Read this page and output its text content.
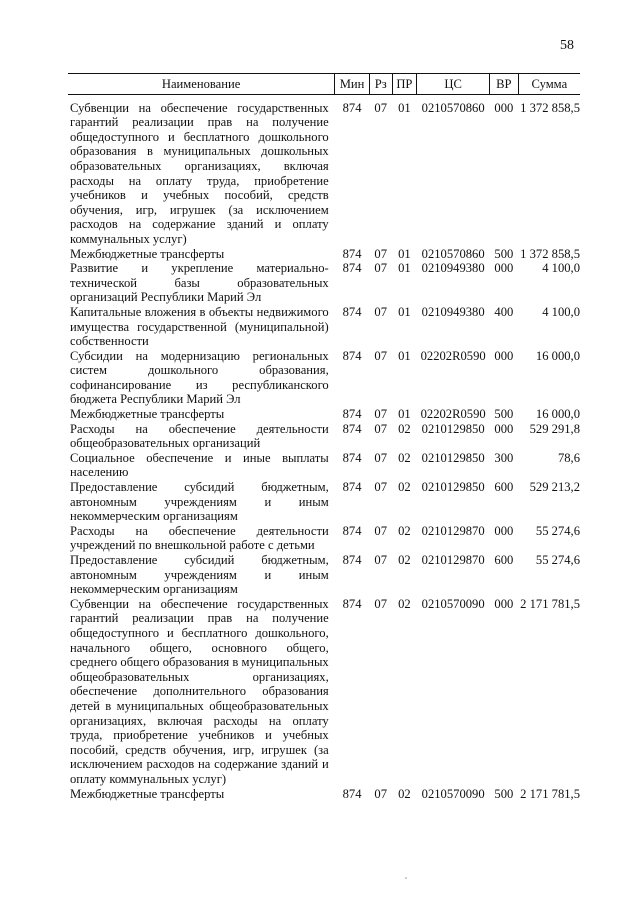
58
Наименование	Мин	Рз	ПР	ЦС	ВР	Сумма
Субвенции на обеспечение государственных гарантий реализации прав на получение общедоступного и бесплатного дошкольного образования в муниципальных дошкольных образовательных организациях, включая расходы на оплату труда, приобретение учебников и учебных пособий, средств обучения, игр, игрушек (за исключением расходов на содержание зданий и оплату коммунальных услуг)	874	07	01	0210570860	000	1 372 858,5
Межбюджетные трансферты	874	07	01	0210570860	500	1 372 858,5
Развитие и укрепление материально-технической базы образовательных организаций Республики Марий Эл	874	07	01	0210949380	000	4 100,0
Капитальные вложения в объекты недвижимого имущества государственной (муниципальной) собственности	874	07	01	0210949380	400	4 100,0
Субсидии на модернизацию региональных систем дошкольного образования, софинансирование из республиканского бюджета Республики Марий Эл	874	07	01	02202R0590	000	16 000,0
Межбюджетные трансферты	874	07	01	02202R0590	500	16 000,0
Расходы на обеспечение деятельности общеобразовательных организаций	874	07	02	0210129850	000	529 291,8
Социальное обеспечение и иные выплаты населению	874	07	02	0210129850	300	78,6
Предоставление субсидий бюджетным, автономным учреждениям и иным некоммерческим организациям	874	07	02	0210129850	600	529 213,2
Расходы на обеспечение деятельности учреждений по внешкольной работе с детьми	874	07	02	0210129870	000	55 274,6
Предоставление субсидий бюджетным, автономным учреждениям и иным некоммерческим организациям	874	07	02	0210129870	600	55 274,6
Субвенции на обеспечение государственных гарантий реализации прав на получение общедоступного и бесплатного дошкольного, начального общего, основного общего, среднего общего образования в муниципальных общеобразовательных организациях, обеспечение дополнительного образования детей в муниципальных общеобразовательных организациях, включая расходы на оплату труда, приобретение учебников и учебных пособий, средств обучения, игр, игрушек (за исключением расходов на содержание зданий и оплату коммунальных услуг)	874	07	02	0210570090	000	2 171 781,5
Межбюджетные трансферты	874	07	02	0210570090	500	2 171 781,5
